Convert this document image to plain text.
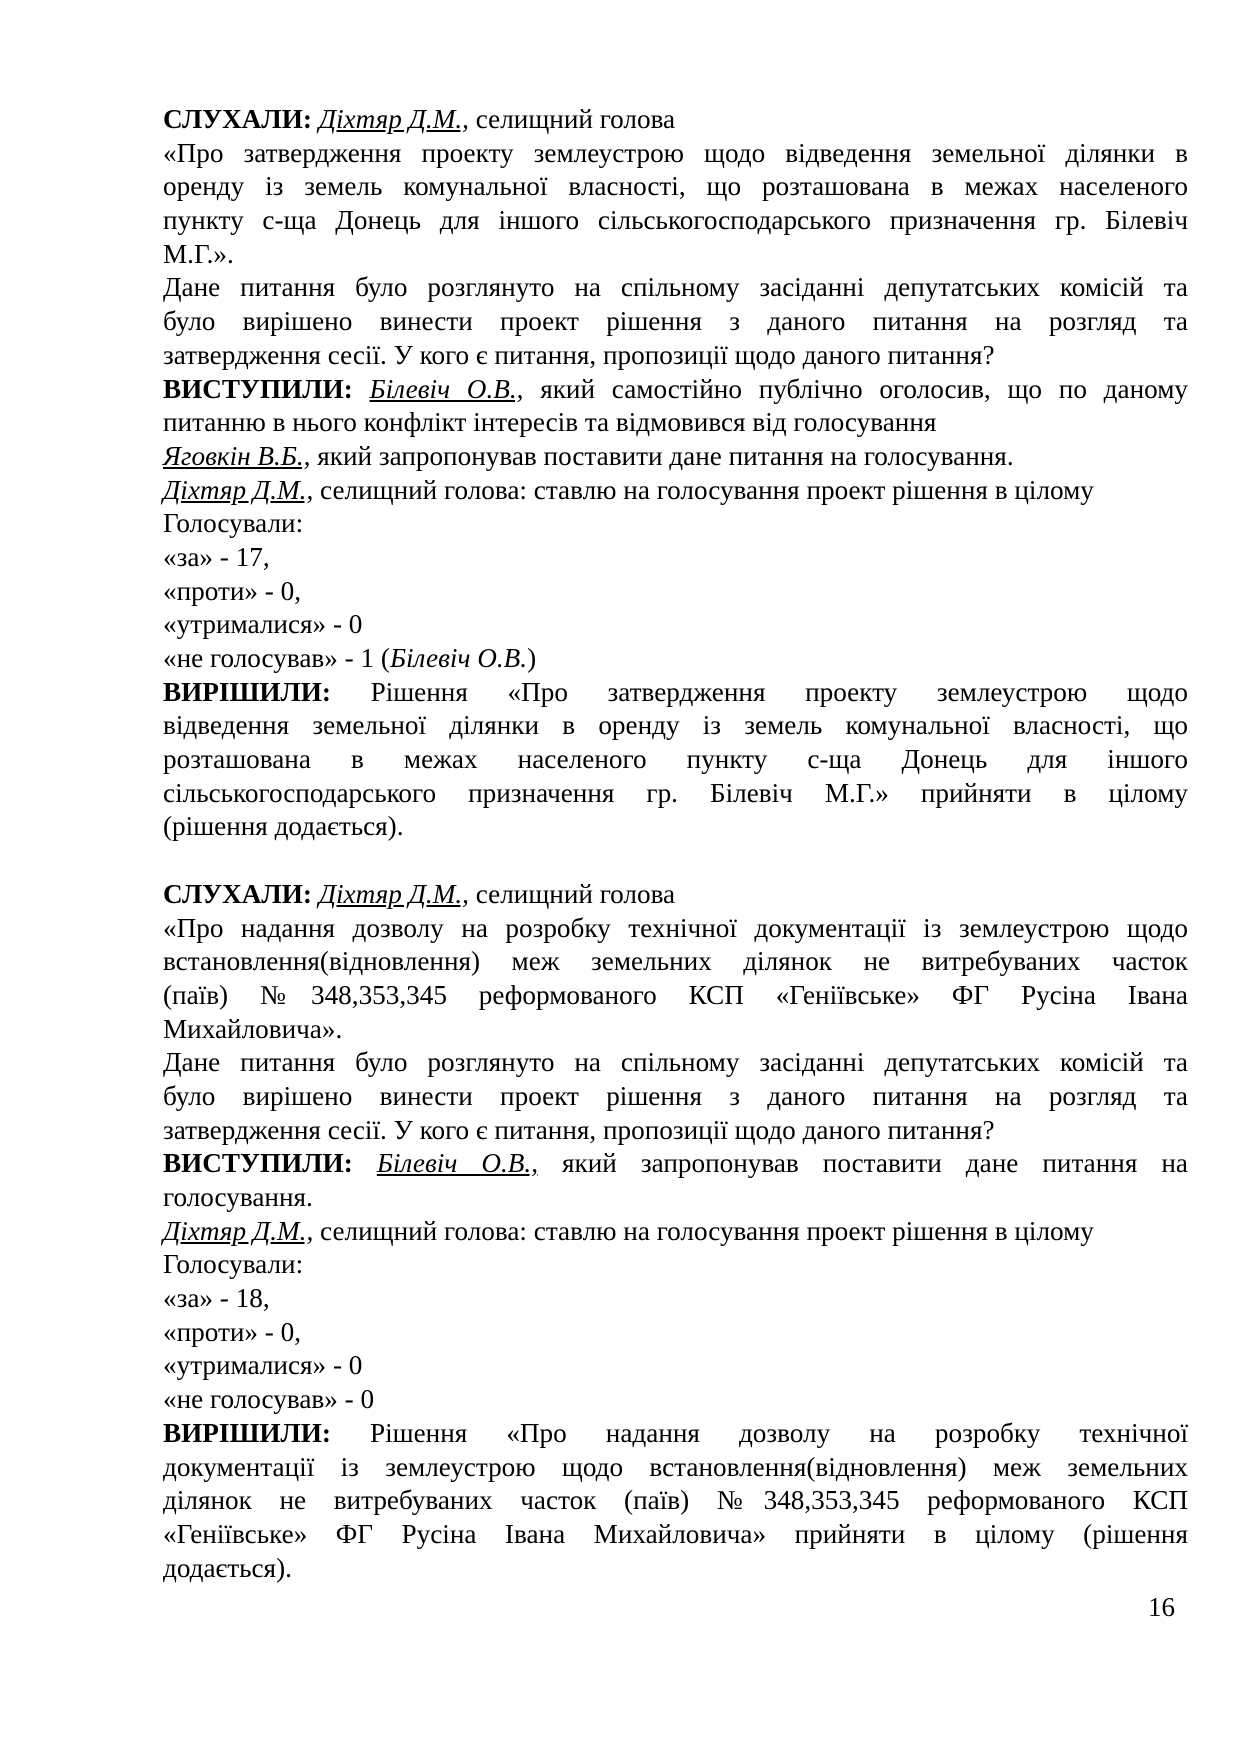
СЛУХАЛИ: Діхтяр Д.М., селищний голова
«Про затвердження проекту землеустрою щодо відведення земельної ділянки в
оренду із земель комунальної власності, що розташована в межах населеного
пункту с-ща Донець для іншого сільськогосподарського призначення гр. Білевіч
М.Г.».
Дане питання було розглянуто на спільному засіданні депутатських комісій та
було вирішено винести проект рішення з даного питання на розгляд та
затвердження сесії. У кого є питання, пропозиції щодо даного питання?
ВИСТУПИЛИ: Білевіч О.В., який самостійно публічно оголосив, що по даному
питанню в нього конфлікт інтересів та відмовився від голосування
Яговкін В.Б., який запропонував поставити дане питання на голосування.
Діхтяр Д.М., селищний голова: ставлю на голосування проект рішення в цілому
Голосували:
«за» - 17,
«проти» - 0,
«утрималися» - 0
«не голосував» - 1 (Білевіч О.В.)
ВИРІШИЛИ: Рішення «Про затвердження проекту землеустрою щодо
відведення земельної ділянки в оренду із земель комунальної власності, що
розташована в межах населеного пункту с-ща Донець для іншого
сільськогосподарського призначення гр. Білевіч М.Г.» прийняти в цілому
(рішення додається).
СЛУХАЛИ: Діхтяр Д.М., селищний голова
«Про надання дозволу на розробку технічної документації із землеустрою щодо
встановлення(відновлення) меж земельних ділянок не витребуваних часток
(паїв) №348,353,345 реформованого КСП «Геніївське» ФГ Русіна Івана
Михайловича».
Дане питання було розглянуто на спільному засіданні депутатських комісій та
було вирішено винести проект рішення з даного питання на розгляд та
затвердження сесії. У кого є питання, пропозиції щодо даного питання?
ВИСТУПИЛИ: Білевіч О.В., який запропонував поставити дане питання на
голосування.
Діхтяр Д.М., селищний голова: ставлю на голосування проект рішення в цілому
Голосували:
«за» - 18,
«проти» - 0,
«утрималися» - 0
«не голосував» - 0
ВИРІШИЛИ: Рішення «Про надання дозволу на розробку технічної
документації із землеустрою щодо встановлення(відновлення) меж земельних
ділянок не витребуваних часток (паїв) №348,353,345 реформованого КСП
«Геніївське» ФГ Русіна Івана Михайловича» прийняти в цілому (рішення
додається).
16
